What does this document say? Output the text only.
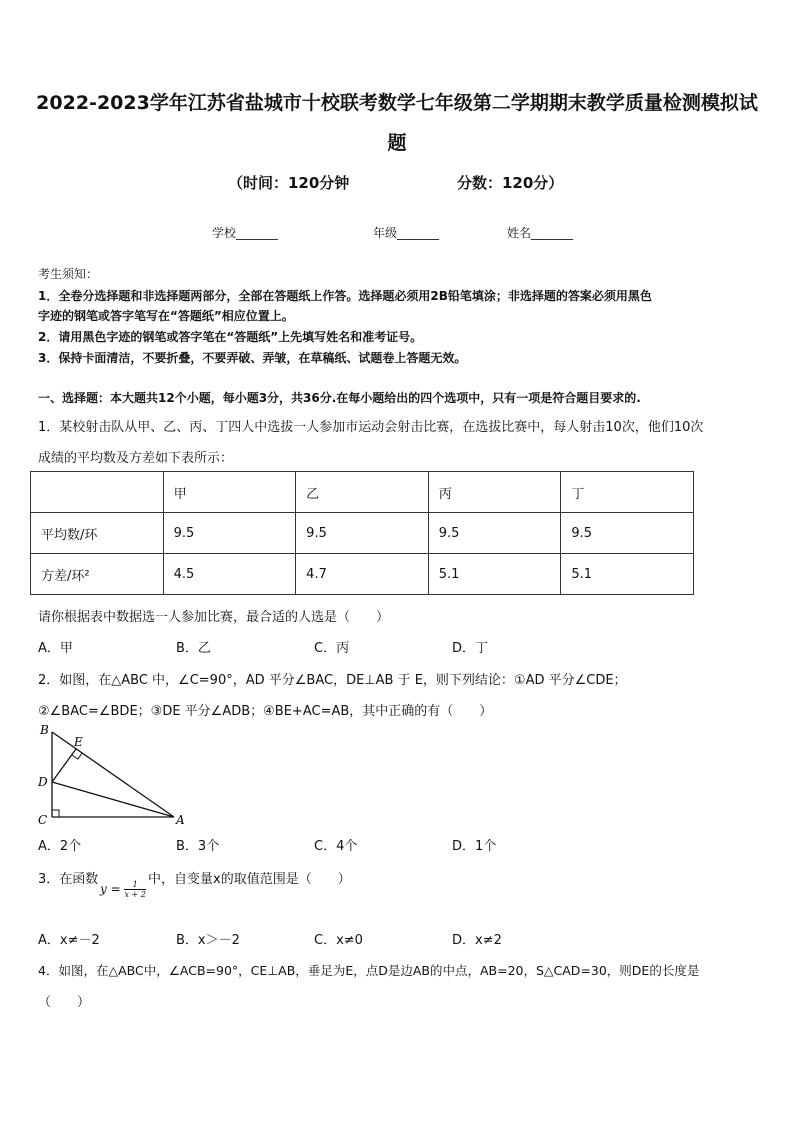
2022-2023学年江苏省盐城市十校联考数学七年级第二学期期末教学质量检测模拟试
题
（时间：120分钟	分数：120分）
学校_______	年级_______	姓名_______
考生须知：
1．全卷分选择题和非选择题两部分，全部在答题纸上作答。选择题必须用2B铅笔填涂；非选择题的答案必须用黑色
字迹的钢笔或答字笔写在“答题纸”相应位置上。
2．请用黑色字迹的钢笔或答字笔在“答题纸”上先填写姓名和准考证号。
3．保持卡面清洁，不要折叠，不要弄破、弄皱，在草稿纸、试题卷上答题无效。
一、选择题：本大题共12个小题，每小题3分，共36分.在每小题给出的四个选项中，只有一项是符合题目要求的.
1．某校射击队从甲、乙、丙、丁四人中选拔一人参加市运动会射击比赛，在选拔比赛中，每人射击10次，他们10次
成绩的平均数及方差如下表所示：
	甲	乙	丙	丁
平均数/环	9.5	9.5	9.5	9.5
方差/环²	4.5	4.7	5.1	5.1
请你根据表中数据选一人参加比赛，最合适的人选是（　　）
A．甲	B．乙	C．丙	D．丁
2．如图，在△ABC 中，∠C=90°，AD 平分∠BAC，DE⊥AB 于 E，则下列结论：①AD 平分∠CDE；
②∠BAC=∠BDE；③DE 平分∠ADB；④BE+AC=AB，其中正确的有（　　）
B
E
D
C	A
A．2个	B．3个	C．4个	D．1个
3．在函数
$y = \frac{1}{x + 2}$
中，自变量x的取值范围是（　　）
A．x≠－2	B．x＞－2	C．x≠0	D．x≠2
4．如图，在△ABC中，∠ACB=90°，CE⊥AB，垂足为E，点D是边AB的中点，AB=20，S△CAD=30，则DE的长度是
（　　）
